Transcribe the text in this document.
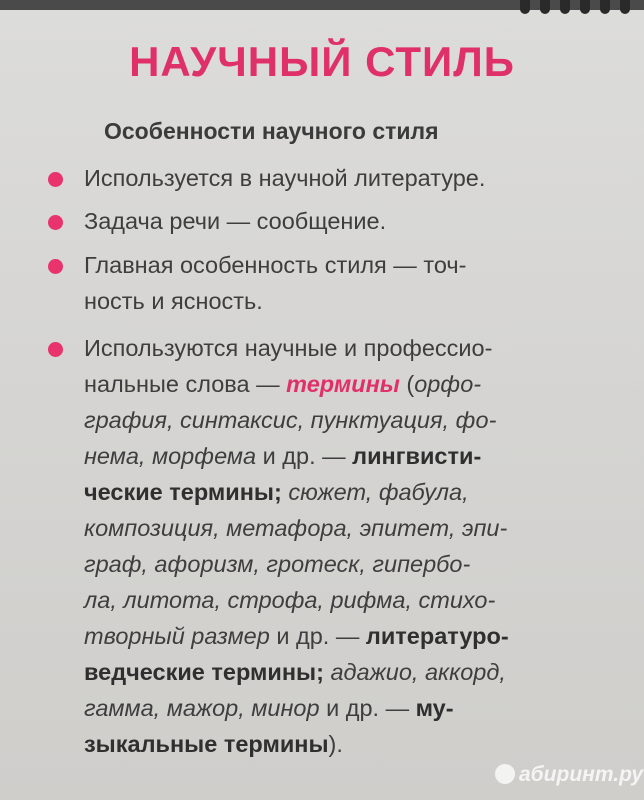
НАУЧНЫЙ СТИЛЬ
Особенности научного стиля
Используется в научной литературе.
Задача речи — сообщение.
Главная особенность стиля — точ-
ность и ясность.
Используются научные и профессио-
нальные слова — термины (орфо-
графия, синтаксис, пунктуация, фо-
нема, морфема и др. — лингвисти-
ческие термины; сюжет, фабула,
композиция, метафора, эпитет, эпи-
граф, афоризм, гротеск, гипербо-
ла, литота, строфа, рифма, стихо-
творный размер и др. — литературо-
ведческие термины; адажио, аккорд,
гамма, мажор, минор и др. — му-
зыкальные термины).
абиринт.ру
